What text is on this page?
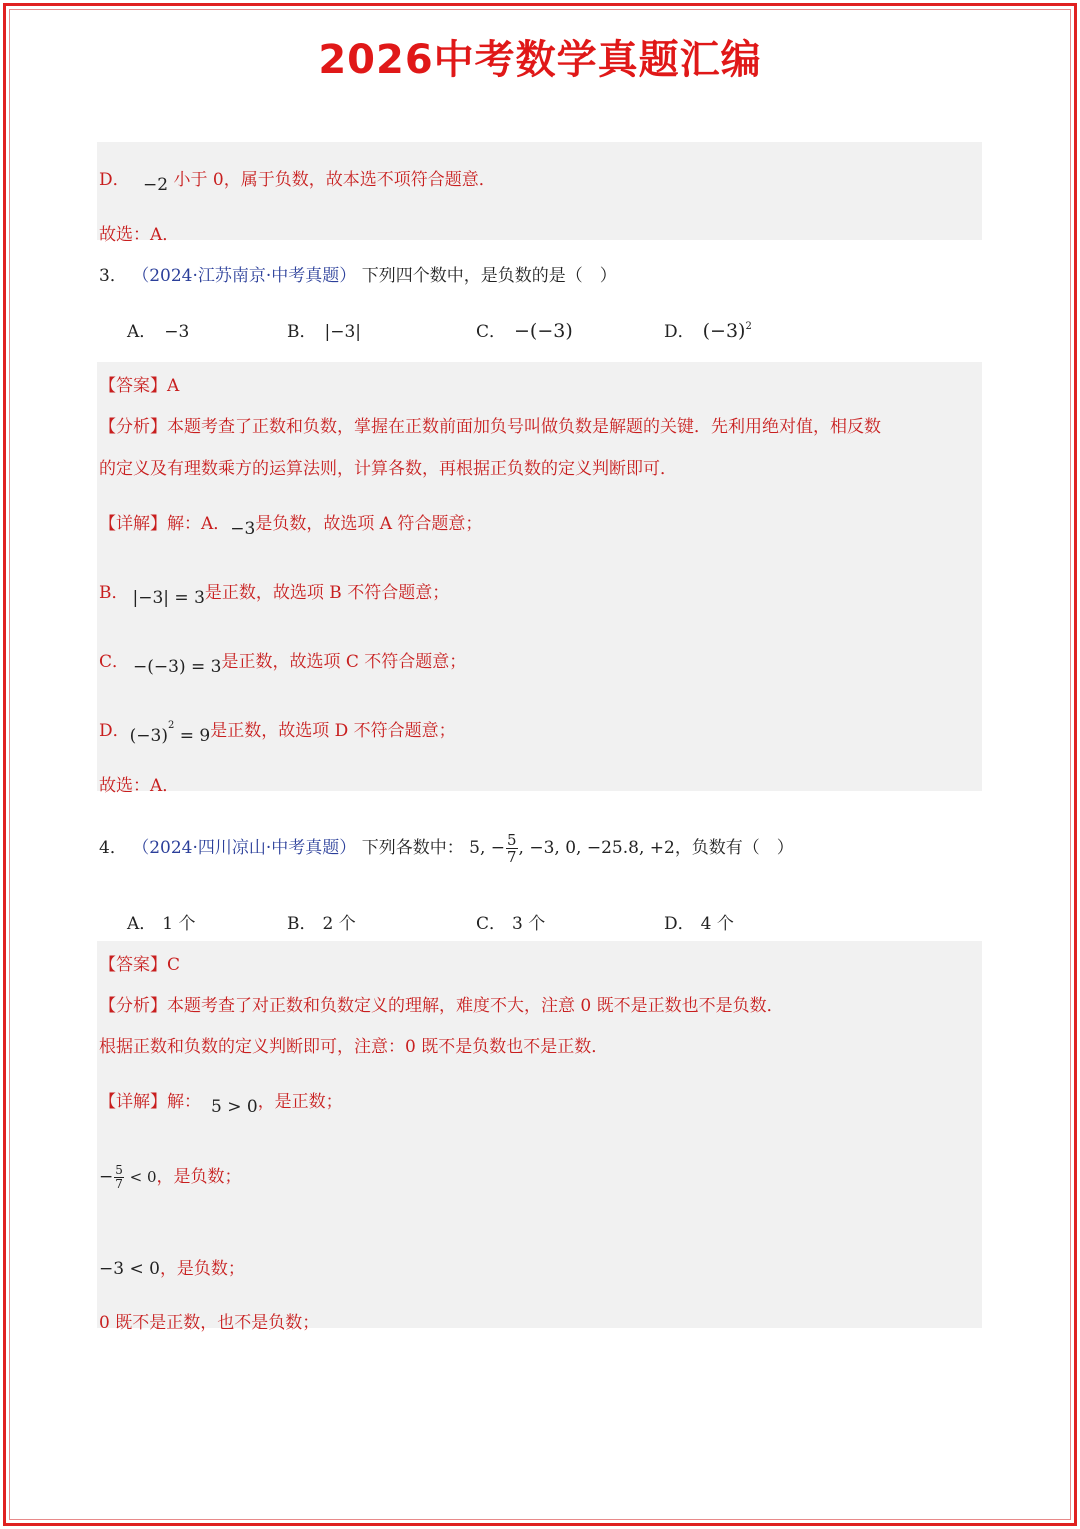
2026中考数学真题汇编
D． −2 小于 0，属于负数，故本选不项符合题意．
故选：A．
3． （2024·江苏南京·中考真题） 下列四个数中，是负数的是（　）
A． −3	B． |−3|	C． −(−3)	D． $(-3)^2$
【答案】A
【分析】本题考查了正数和负数，掌握在正数前面加负号叫做负数是解题的关键．先利用绝对值，相反数
的定义及有理数乘方的运算法则，计算各数，再根据正负数的定义判断即可．
【详解】解：A．−3是负数，故选项 A 符合题意；
B． |−3| = 3是正数，故选项 B 不符合题意；
C． −(−3) = 3是正数，故选项 C 不符合题意；
D．$(-3)^2 = 9$是正数，故选项 D 不符合题意；
故选：A．
4． （2024·四川凉山·中考真题） 下列各数中： 5, − $\frac{5}{7}$ , −3, 0, −25.8, +2，负数有（　）
A． 1 个	B． 2 个	C． 3 个	D． 4 个
【答案】C
【分析】本题考查了对正数和负数定义的理解，难度不大，注意 0 既不是正数也不是负数．
根据正数和负数的定义判断即可，注意：0 既不是负数也不是正数．
【详解】解： 5 > 0，是正数；
− $\frac{5}{7} < 0$，是负数；
−3 < 0，是负数；
0 既不是正数，也不是负数；
